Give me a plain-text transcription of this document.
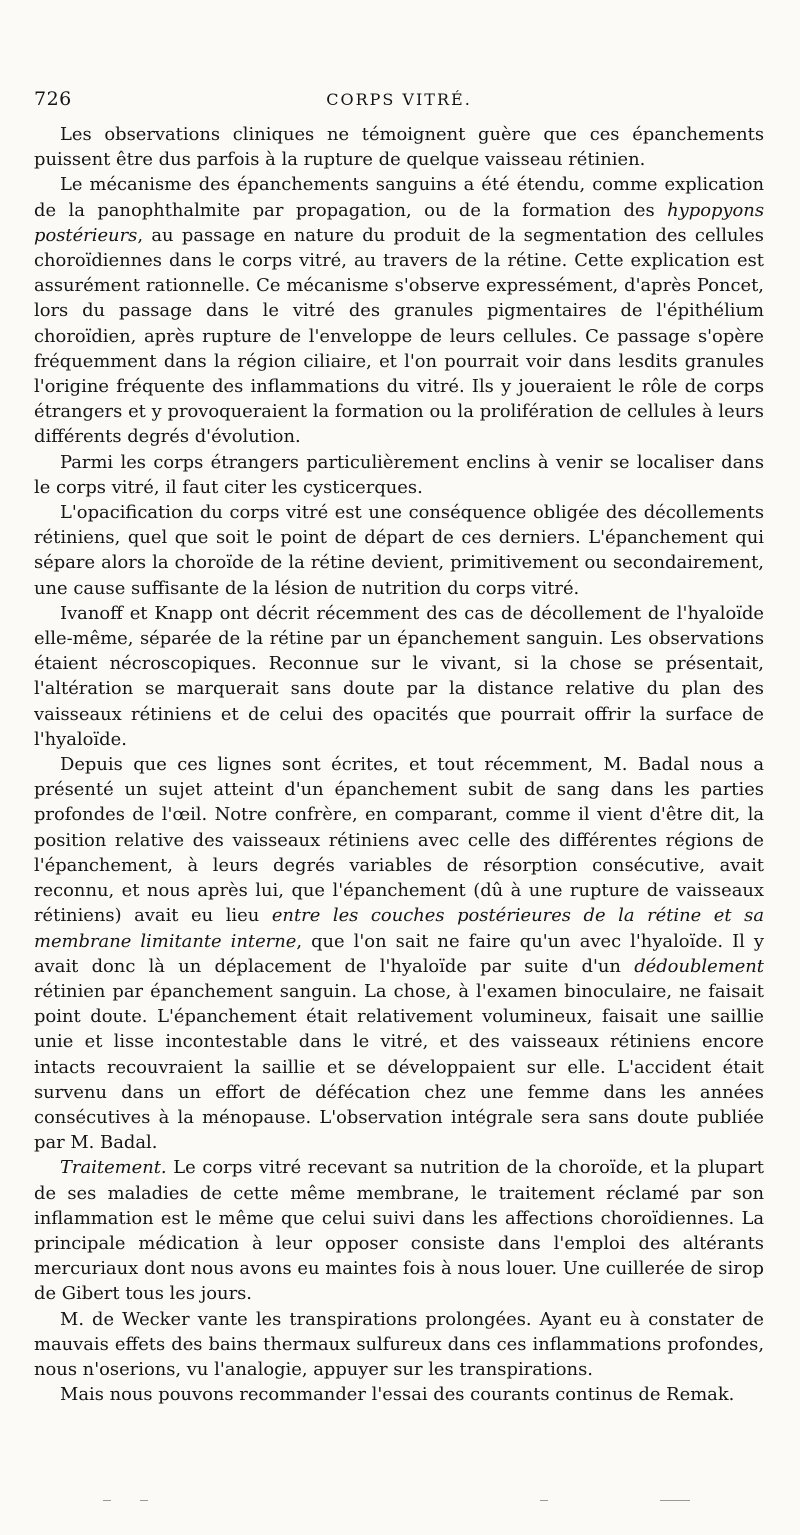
726	CORPS VITRÉ.

Les observations cliniques ne témoignent guère que ces épanchements puissent être dus parfois à la rupture de quelque vaisseau rétinien.

Le mécanisme des épanchements sanguins a été étendu, comme explication de la panophthalmite par propagation, ou de la formation des hypopyons postérieurs, au passage en nature du produit de la segmentation des cellules choroïdiennes dans le corps vitré, au travers de la rétine. Cette explication est assurément rationnelle. Ce mécanisme s'observe expressément, d'après Poncet, lors du passage dans le vitré des granules pigmentaires de l'épithélium choroïdien, après rupture de l'enveloppe de leurs cellules. Ce passage s'opère fréquemment dans la région ciliaire, et l'on pourrait voir dans lesdits granules l'origine fréquente des inflammations du vitré. Ils y joueraient le rôle de corps étrangers et y provoqueraient la formation ou la prolifération de cellules à leurs différents degrés d'évolution.

Parmi les corps étrangers particulièrement enclins à venir se localiser dans le corps vitré, il faut citer les cysticerques.

L'opacification du corps vitré est une conséquence obligée des décollements rétiniens, quel que soit le point de départ de ces derniers. L'épanchement qui sépare alors la choroïde de la rétine devient, primitivement ou secondairement, une cause suffisante de la lésion de nutrition du corps vitré.

Ivanoff et Knapp ont décrit récemment des cas de décollement de l'hyaloïde elle-même, séparée de la rétine par un épanchement sanguin. Les observations étaient nécroscopiques. Reconnue sur le vivant, si la chose se présentait, l'altération se marquerait sans doute par la distance relative du plan des vaisseaux rétiniens et de celui des opacités que pourrait offrir la surface de l'hyaloïde.

Depuis que ces lignes sont écrites, et tout récemment, M. Badal nous a présenté un sujet atteint d'un épanchement subit de sang dans les parties profondes de l'œil. Notre confrère, en comparant, comme il vient d'être dit, la position relative des vaisseaux rétiniens avec celle des différentes régions de l'épanchement, à leurs degrés variables de résorption consécutive, avait reconnu, et nous après lui, que l'épanchement (dû à une rupture de vaisseaux rétiniens) avait eu lieu entre les couches postérieures de la rétine et sa membrane limitante interne, que l'on sait ne faire qu'un avec l'hyaloïde. Il y avait donc là un déplacement de l'hyaloïde par suite d'un dédoublement rétinien par épanchement sanguin. La chose, à l'examen binoculaire, ne faisait point doute. L'épanchement était relativement volumineux, faisait une saillie unie et lisse incontestable dans le vitré, et des vaisseaux rétiniens encore intacts recouvraient la saillie et se développaient sur elle. L'accident était survenu dans un effort de défécation chez une femme dans les années consécutives à la ménopause. L'observation intégrale sera sans doute publiée par M. Badal.

Traitement. Le corps vitré recevant sa nutrition de la choroïde, et la plupart de ses maladies de cette même membrane, le traitement réclamé par son inflammation est le même que celui suivi dans les affections choroïdiennes. La principale médication à leur opposer consiste dans l'emploi des altérants mercuriaux dont nous avons eu maintes fois à nous louer. Une cuillerée de sirop de Gibert tous les jours.

M. de Wecker vante les transpirations prolongées. Ayant eu à constater de mauvais effets des bains thermaux sulfureux dans ces inflammations profondes, nous n'oserions, vu l'analogie, appuyer sur les transpirations.

Mais nous pouvons recommander l'essai des courants continus de Remak.
